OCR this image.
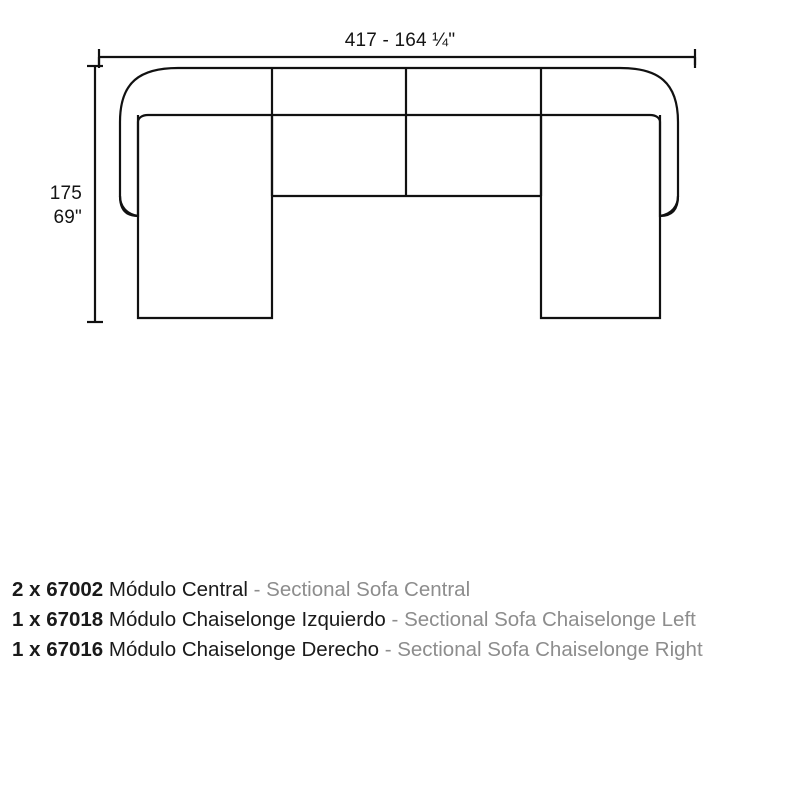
417 - 164 ¼"
175
69"
2 x 67002 Módulo Central - Sectional Sofa Central
1 x 67018 Módulo Chaiselonge Izquierdo - Sectional Sofa Chaiselonge Left
1 x 67016 Módulo Chaiselonge Derecho - Sectional Sofa Chaiselonge Right
